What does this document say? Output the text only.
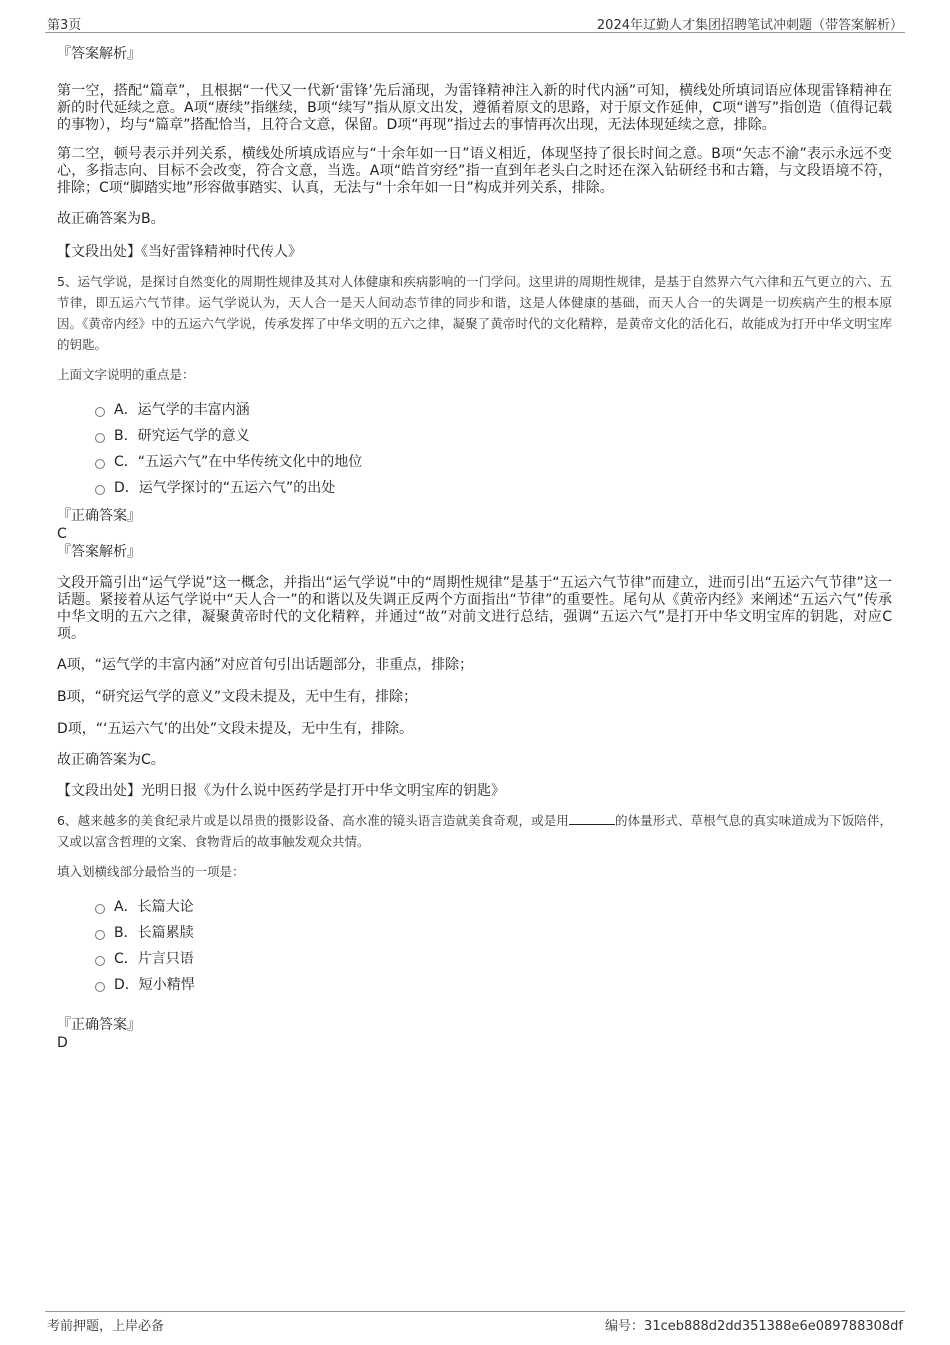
第3页	2024年辽勤人才集团招聘笔试冲刺题（带答案解析）
『答案解析』

第一空，搭配“篇章”，且根据“一代又一代新‘雷锋’先后涌现，为雷锋精神注入新的时代内涵”可知，横线处所填词语应体现雷锋精神在新的时代延续之意。A项“赓续”指继续，B项“续写”指从原文出发，遵循着原文的思路，对于原文作延伸，C项“谱写”指创造（值得记载的事物），均与“篇章”搭配恰当，且符合文意，保留。D项“再现”指过去的事情再次出现，无法体现延续之意，排除。

第二空，顿号表示并列关系，横线处所填成语应与“十余年如一日”语义相近，体现坚持了很长时间之意。B项“矢志不渝”表示永远不变心，多指志向、目标不会改变，符合文意，当选。A项“皓首穷经”指一直到年老头白之时还在深入钻研经书和古籍，与文段语境不符，排除；C项“脚踏实地”形容做事踏实、认真，无法与“十余年如一日”构成并列关系，排除。

故正确答案为B。

【文段出处】《当好雷锋精神时代传人》

5、运气学说，是探讨自然变化的周期性规律及其对人体健康和疾病影响的一门学问。这里讲的周期性规律，是基于自然界六气六律和五气更立的六、五节律，即五运六气节律。运气学说认为，天人合一是天人间动态节律的同步和谐，这是人体健康的基础，而天人合一的失调是一切疾病产生的根本原因。《黄帝内经》中的五运六气学说，传承发挥了中华文明的五六之律，凝聚了黄帝时代的文化精粹，是黄帝文化的活化石，故能成为打开中华文明宝库的钥匙。

上面文字说明的重点是：

A．运气学的丰富内涵
B．研究运气学的意义
C．“五运六气”在中华传统文化中的地位
D．运气学探讨的“五运六气”的出处
『正确答案』
C
『答案解析』

文段开篇引出“运气学说”这一概念，并指出“运气学说”中的“周期性规律”是基于“五运六气节律”而建立，进而引出“五运六气节律”这一话题。紧接着从运气学说中“天人合一”的和谐以及失调正反两个方面指出“节律”的重要性。尾句从《黄帝内经》来阐述“五运六气”传承中华文明的五六之律，凝聚黄帝时代的文化精粹，并通过“故”对前文进行总结，强调“五运六气”是打开中华文明宝库的钥匙，对应C项。

A项，“运气学的丰富内涵”对应首句引出话题部分，非重点，排除；

B项，“研究运气学的意义”文段未提及，无中生有，排除；

D项，“‘五运六气’的出处”文段未提及，无中生有，排除。

故正确答案为C。

【文段出处】光明日报《为什么说中医药学是打开中华文明宝库的钥匙》

6、越来越多的美食纪录片或是以昂贵的摄影设备、高水准的镜头语言造就美食奇观，或是用	的体量形式、草根气息的真实味道成为下饭陪伴，又或以富含哲理的文案、食物背后的故事触发观众共情。

填入划横线部分最恰当的一项是：

A．长篇大论
B．长篇累牍
C．片言只语
D．短小精悍
『正确答案』
D
考前押题，上岸必备	编号：31ceb888d2dd351388e6e089788308df
